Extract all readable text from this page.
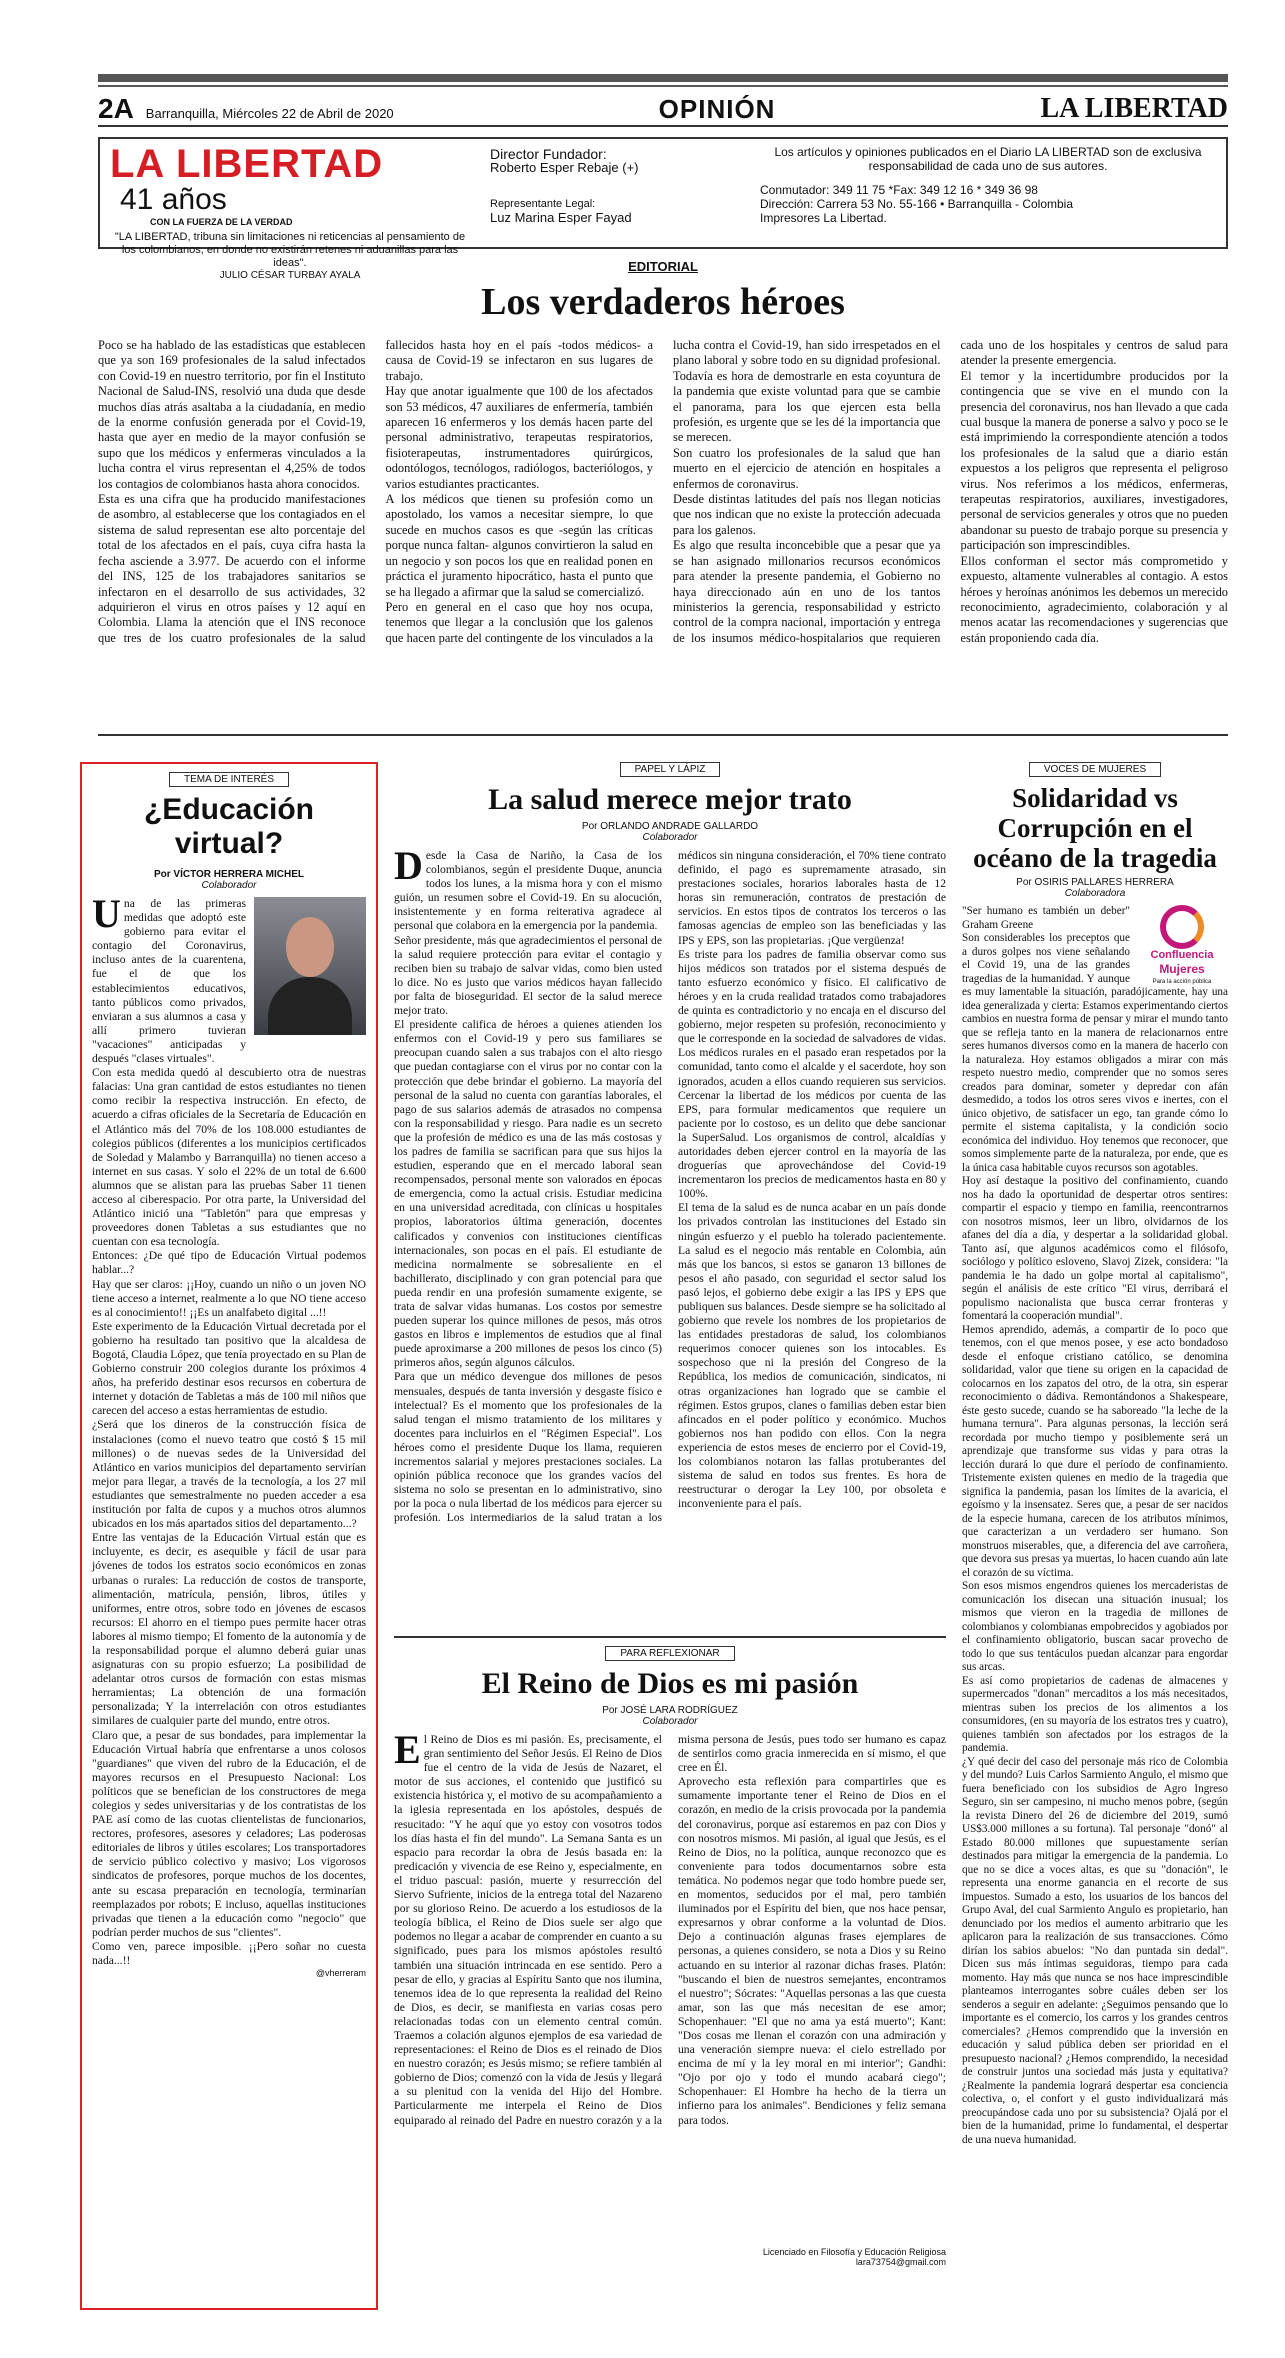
2A Barranquilla, Miércoles 22 de Abril de 2020	OPINIÓN	LA LIBERTAD
LA LIBERTAD 41 años
CON LA FUERZA DE LA VERDAD
"LA LIBERTAD, tribuna sin limitaciones ni reticencias al pensamiento de los colombianos, en donde no existirán retenes ni aduanillas para las ideas".
JULIO CÉSAR TURBAY AYALA
Director Fundador:
Roberto Esper Rebaje (+)
Representante Legal:
Luz Marina Esper Fayad
Los artículos y opiniones publicados en el Diario LA LIBERTAD son de exclusiva responsabilidad de cada uno de sus autores.
Conmutador: 349 11 75 *Fax: 349 12 16 * 349 36 98
Dirección: Carrera 53 No. 55-166 • Barranquilla - Colombia
Impresores La Libertad.
EDITORIAL
Los verdaderos héroes

Poco se ha hablado de las estadísticas que establecen que ya son 169 profesionales de la salud infectados con Covid-19 en nuestro territorio, por fin el Instituto Nacional de Salud-INS, resolvió una duda que desde muchos días atrás asaltaba a la ciudadanía, en medio de la enorme confusión generada por el Covid-19, hasta que ayer en medio de la mayor confusión se supo que los médicos y enfermeras vinculados a la lucha contra el virus representan el 4,25% de todos los contagios de colombianos hasta ahora conocidos.

Esta es una cifra que ha producido manifestaciones de asombro, al establecerse que los contagiados en el sistema de salud representan ese alto porcentaje del total de los afectados en el país, cuya cifra hasta la fecha asciende a 3.977. De acuerdo con el informe del INS, 125 de los trabajadores sanitarios se infectaron en el desarrollo de sus actividades, 32 adquirieron el virus en otros países y 12 aquí en Colombia. Llama la atención que el INS reconoce que tres de los cuatro profesionales de la salud fallecidos hasta hoy en el país -todos médicos- a causa de Covid-19 se infectaron en sus lugares de trabajo.

Hay que anotar igualmente que 100 de los afectados son 53 médicos, 47 auxiliares de enfermería, también aparecen 16 enfermeros y los demás hacen parte del personal administrativo, terapeutas respiratorios, fisioterapeutas, instrumentadores quirúrgicos, odontólogos, tecnólogos, radiólogos, bacteriólogos, y varios estudiantes practicantes.

A los médicos que tienen su profesión como un apostolado, los vamos a necesitar siempre, lo que sucede en muchos casos es que -según las críticas porque nunca faltan- algunos convirtieron la salud en un negocio y son pocos los que en realidad ponen en práctica el juramento hipocrático, hasta el punto que se ha llegado a afirmar que la salud se comercializó.

Pero en general en el caso que hoy nos ocupa, tenemos que llegar a la conclusión que los galenos que hacen parte del contingente de los vinculados a la lucha contra el Covid-19, han sido irrespetados en el plano laboral y sobre todo en su dignidad profesional. Todavía es hora de demostrarle en esta coyuntura de la pandemia que existe voluntad para que se cambie el panorama, para los que ejercen esta bella profesión, es urgente que se les dé la importancia que se merecen.

Son cuatro los profesionales de la salud que han muerto en el ejercicio de atención en hospitales a enfermos de coronavirus.

Desde distintas latitudes del país nos llegan noticias que nos indican que no existe la protección adecuada para los galenos.

Es algo que resulta inconcebible que a pesar que ya se han asignado millonarios recursos económicos para atender la presente pandemia, el Gobierno no haya direccionado aún en uno de los tantos ministerios la gerencia, responsabilidad y estricto control de la compra nacional, importación y entrega de los insumos médico-hospitalarios que requieren cada uno de los hospitales y centros de salud para atender la presente emergencia.

El temor y la incertidumbre producidos por la contingencia que se vive en el mundo con la presencia del coronavirus, nos han llevado a que cada cual busque la manera de ponerse a salvo y poco se le está imprimiendo la correspondiente atención a todos los profesionales de la salud que a diario están expuestos a los peligros que representa el peligroso virus. Nos referimos a los médicos, enfermeras, terapeutas respiratorios, auxiliares, investigadores, personal de servicios generales y otros que no pueden abandonar su puesto de trabajo porque su presencia y participación son imprescindibles.

Ellos conforman el sector más comprometido y expuesto, altamente vulnerables al contagio. A estos héroes y heroínas anónimos les debemos un merecido reconocimiento, agradecimiento, colaboración y al menos acatar las recomendaciones y sugerencias que están proponiendo cada día.

TEMA DE INTERÉS
¿Educación virtual?
Por VÍCTOR HERRERA MICHEL
Colaborador

Una de las primeras medidas que adoptó este gobierno para evitar el contagio del Coronavirus, incluso antes de la cuarentena, fue el de que los establecimientos educativos, tanto públicos como privados, enviaran a sus alumnos a casa y allí primero tuvieran "vacaciones" anticipadas y después "clases virtuales".

Con esta medida quedó al descubierto otra de nuestras falacias: Una gran cantidad de estos estudiantes no tienen como recibir la respectiva instrucción. En efecto, de acuerdo a cifras oficiales de la Secretaría de Educación en el Atlántico más del 70% de los 108.000 estudiantes de colegios públicos (diferentes a los municipios certificados de Soledad y Malambo y Barranquilla) no tienen acceso a internet en sus casas. Y solo el 22% de un total de 6.600 alumnos que se alistan para las pruebas Saber 11 tienen acceso al ciberespacio. Por otra parte, la Universidad del Atlántico inició una "Tabletón" para que empresas y proveedores donen Tabletas a sus estudiantes que no cuentan con esa tecnología.

Entonces: ¿De qué tipo de Educación Virtual podemos hablar...?

Hay que ser claros: ¡¡Hoy, cuando un niño o un joven NO tiene acceso a internet, realmente a lo que NO tiene acceso es al conocimiento!! ¡¡Es un analfabeto digital ...!!

Este experimento de la Educación Virtual decretada por el gobierno ha resultado tan positivo que la alcaldesa de Bogotá, Claudia López, que tenía proyectado en su Plan de Gobierno construir 200 colegios durante los próximos 4 años, ha preferido destinar esos recursos en cobertura de internet y dotación de Tabletas a más de 100 mil niños que carecen del acceso a estas herramientas de estudio.

¿Será que los dineros de la construcción física de instalaciones (como el nuevo teatro que costó $ 15 mil millones) o de nuevas sedes de la Universidad del Atlántico en varios municipios del departamento servirían mejor para llegar, a través de la tecnología, a los 27 mil estudiantes que semestralmente no pueden acceder a esa institución por falta de cupos y a muchos otros alumnos ubicados en los más apartados sitios del departamento...?

Entre las ventajas de la Educación Virtual están que es incluyente, es decir, es asequible y fácil de usar para jóvenes de todos los estratos socio económicos en zonas urbanas o rurales: La reducción de costos de transporte, alimentación, matrícula, pensión, libros, útiles y uniformes, entre otros, sobre todo en jóvenes de escasos recursos: El ahorro en el tiempo pues permite hacer otras labores al mismo tiempo; El fomento de la autonomía y de la responsabilidad porque el alumno deberá guiar unas asignaturas con su propio esfuerzo; La posibilidad de adelantar otros cursos de formación con estas mismas herramientas; La obtención de una formación personalizada; Y la interrelación con otros estudiantes similares de cualquier parte del mundo, entre otros.

Claro que, a pesar de sus bondades, para implementar la Educación Virtual habría que enfrentarse a unos colosos "guardianes" que viven del rubro de la Educación, el de mayores recursos en el Presupuesto Nacional: Los políticos que se benefician de los constructores de mega colegios y sedes universitarias y de los contratistas de los PAE así como de las cuotas clientelistas de funcionarios, rectores, profesores, asesores y celadores; Las poderosas editoriales de libros y útiles escolares; Los transportadores de servicio público colectivo y masivo; Los vigorosos sindicatos de profesores, porque muchos de los docentes, ante su escasa preparación en tecnología, terminarían reemplazados por robots; E incluso, aquellas instituciones privadas que tienen a la educación como "negocio" que podrían perder muchos de sus "clientes".

Como ven, parece imposible. ¡¡Pero soñar no cuesta nada...!!

@vherreram
PAPEL Y LÁPIZ
La salud merece mejor trato
Por ORLANDO ANDRADE GALLARDO
Colaborador

Desde la Casa de Nariño, la Casa de los colombianos, según el presidente Duque, anuncia todos los lunes, a la misma hora y con el mismo guión, un resumen sobre el Covid-19. En su alocución, insistentemente y en forma reiterativa agradece al personal que colabora en la emergencia por la pandemia.

Señor presidente, más que agradecimientos el personal de la salud requiere protección para evitar el contagio y reciben bien su trabajo de salvar vidas, como bien usted lo dice. No es justo que varios médicos hayan fallecido por falta de bioseguridad. El sector de la salud merece mejor trato.

El presidente califica de héroes a quienes atienden los enfermos con el Covid-19 y pero sus familiares se preocupan cuando salen a sus trabajos con el alto riesgo que puedan contagiarse con el virus por no contar con la protección que debe brindar el gobierno. La mayoría del personal de la salud no cuenta con garantías laborales, el pago de sus salarios además de atrasados no compensa con la responsabilidad y riesgo. Para nadie es un secreto que la profesión de médico es una de las más costosas y los padres de familia se sacrifican para que sus hijos la estudien, esperando que en el mercado laboral sean recompensados, personal mente son valorados en épocas de emergencia, como la actual crisis. Estudiar medicina en una universidad acreditada, con clínicas u hospitales propios, laboratorios última generación, docentes calificados y convenios con instituciones científicas internacionales, son pocas en el país. El estudiante de medicina normalmente se sobresaliente en el bachillerato, disciplinado y con gran potencial para que pueda rendir en una profesión sumamente exigente, se trata de salvar vidas humanas. Los costos por semestre pueden superar los quince millones de pesos, más otros gastos en libros e implementos de estudios que al final puede aproximarse a 200 millones de pesos los cinco (5) primeros años, según algunos cálculos.

Para que un médico devengue dos millones de pesos mensuales, después de tanta inversión y desgaste físico e intelectual? Es el momento que los profesionales de la salud tengan el mismo tratamiento de los militares y docentes para incluirlos en el "Régimen Especial". Los héroes como el presidente Duque los llama, requieren incrementos salarial y mejores prestaciones sociales. La opinión pública reconoce que los grandes vacíos del sistema no solo se presentan en lo administrativo, sino por la poca o nula libertad de los médicos para ejercer su profesión. Los intermediarios de la salud tratan a los médicos sin ninguna consideración, el 70% tiene contrato definido, el pago es supremamente atrasado, sin prestaciones sociales, horarios laborales hasta de 12 horas sin remuneración, contratos de prestación de servicios. En estos tipos de contratos los terceros o las famosas agencias de empleo son las beneficiadas y las IPS y EPS, son las propietarias. ¡Que vergüenza!

Es triste para los padres de familia observar como sus hijos médicos son tratados por el sistema después de tanto esfuerzo económico y físico. El calificativo de héroes y en la cruda realidad tratados como trabajadores de quinta es contradictorio y no encaja en el discurso del gobierno, mejor respeten su profesión, reconocimiento y que le corresponde en la sociedad de salvadores de vidas. Los médicos rurales en el pasado eran respetados por la comunidad, tanto como el alcalde y el sacerdote, hoy son ignorados, acuden a ellos cuando requieren sus servicios. Cercenar la libertad de los médicos por cuenta de las EPS, para formular medicamentos que requiere un paciente por lo costoso, es un delito que debe sancionar la SuperSalud. Los organismos de control, alcaldías y autoridades deben ejercer control en la mayoría de las droguerías que aprovechándose del Covid-19 incrementaron los precios de medicamentos hasta en 80 y 100%.

El tema de la salud es de nunca acabar en un país donde los privados controlan las instituciones del Estado sin ningún esfuerzo y el pueblo ha tolerado pacientemente. La salud es el negocio más rentable en Colombia, aún más que los bancos, si estos se ganaron 13 billones de pesos el año pasado, con seguridad el sector salud los pasó lejos, el gobierno debe exigir a las IPS y EPS que publiquen sus balances. Desde siempre se ha solicitado al gobierno que revele los nombres de los propietarios de las entidades prestadoras de salud, los colombianos requerimos conocer quienes son los intocables. Es sospechoso que ni la presión del Congreso de la República, los medios de comunicación, sindicatos, ni otras organizaciones han logrado que se cambie el régimen. Estos grupos, clanes o familias deben estar bien afincados en el poder político y económico. Muchos gobiernos nos han podido con ellos. Con la negra experiencia de estos meses de encierro por el Covid-19, los colombianos notaron las fallas protuberantes del sistema de salud en todos sus frentes. Es hora de reestructurar o derogar la Ley 100, por obsoleta e inconveniente para el país.

PARA REFLEXIONAR
El Reino de Dios es mi pasión
Por JOSÉ LARA RODRÍGUEZ
Colaborador

El Reino de Dios es mi pasión. Es, precisamente, el gran sentimiento del Señor Jesús. El Reino de Dios fue el centro de la vida de Jesús de Nazaret, el motor de sus acciones, el contenido que justificó su existencia histórica y, el motivo de su acompañamiento a la iglesia representada en los apóstoles, después de resucitado: "Y he aquí que yo estoy con vosotros todos los días hasta el fin del mundo". La Semana Santa es un espacio para recordar la obra de Jesús basada en: la predicación y vivencia de ese Reino y, especialmente, en el triduo pascual: pasión, muerte y resurrección del Siervo Sufriente, inicios de la entrega total del Nazareno por su glorioso Reino. De acuerdo a los estudiosos de la teología bíblica, el Reino de Dios suele ser algo que podemos no llegar a acabar de comprender en cuanto a su significado, pues para los mismos apóstoles resultó también una situación intrincada en ese sentido. Pero a pesar de ello, y gracias al Espíritu Santo que nos ilumina, tenemos idea de lo que representa la realidad del Reino de Dios, es decir, se manifiesta en varias cosas pero relacionadas todas con un elemento central común. Traemos a colación algunos ejemplos de esa variedad de representaciones: el Reino de Dios es el reinado de Dios en nuestro corazón; es Jesús mismo; se refiere también al gobierno de Dios; comenzó con la vida de Jesús y llegará a su plenitud con la venida del Hijo del Hombre. Particularmente me interpela el Reino de Dios equiparado al reinado del Padre en nuestro corazón y a la misma persona de Jesús, pues todo ser humano es capaz de sentirlos como gracia inmerecida en sí mismo, el que cree en Él.

Aprovecho esta reflexión para compartirles que es sumamente importante tener el Reino de Dios en el corazón, en medio de la crisis provocada por la pandemia del coronavirus, porque así estaremos en paz con Dios y con nosotros mismos. Mi pasión, al igual que Jesús, es el Reino de Dios, no la política, aunque reconozco que es conveniente para todos documentarnos sobre esta temática. No podemos negar que todo hombre puede ser, en momentos, seducidos por el mal, pero también iluminados por el Espíritu del bien, que nos hace pensar, expresarnos y obrar conforme a la voluntad de Dios. Dejo a continuación algunas frases ejemplares de personas, a quienes considero, se nota a Dios y su Reino actuando en su interior al razonar dichas frases. Platón: "buscando el bien de nuestros semejantes, encontramos el nuestro"; Sócrates: "Aquellas personas a las que cuesta amar, son las que más necesitan de ese amor; Schopenhauer: "El que no ama ya está muerto"; Kant: "Dos cosas me llenan el corazón con una admiración y una veneración siempre nueva: el cielo estrellado por encima de mí y la ley moral en mi interior"; Gandhi: "Ojo por ojo y todo el mundo acabará ciego"; Schopenhauer: El Hombre ha hecho de la tierra un infierno para los animales". Bendiciones y feliz semana para todos.

Licenciado en Filosofía y Educación Religiosa
lara73754@gmail.com
VOCES DE MUJERES
Solidaridad vs Corrupción en el océano de la tragedia
Por OSIRIS PALLARES HERRERA
Colaboradora
Confluencia
Mujeres
Para la acción pública

"Ser humano es también un deber" Graham Greene

Son considerables los preceptos que a duros golpes nos viene señalando el Covid 19, una de las grandes tragedias de la humanidad. Y aunque es muy lamentable la situación, paradójicamente, hay una idea generalizada y cierta: Estamos experimentando ciertos cambios en nuestra forma de pensar y mirar el mundo tanto que se refleja tanto en la manera de relacionarnos entre seres humanos diversos como en la manera de hacerlo con la naturaleza. Hoy estamos obligados a mirar con más respeto nuestro medio, comprender que no somos seres creados para dominar, someter y depredar con afán desmedido, a todos los otros seres vivos e inertes, con el único objetivo, de satisfacer un ego, tan grande cómo lo permite el sistema capitalista, y la condición socio económica del individuo. Hoy tenemos que reconocer, que somos simplemente parte de la naturaleza, por ende, que es la única casa habitable cuyos recursos son agotables.

Hoy así destaque la positivo del confinamiento, cuando nos ha dado la oportunidad de despertar otros sentires: compartir el espacio y tiempo en familia, reencontrarnos con nosotros mismos, leer un libro, olvidarnos de los afanes del día a día, y despertar a la solidaridad global. Tanto así, que algunos académicos como el filósofo, sociólogo y político esloveno, Slavoj Zizek, considera: "la pandemia le ha dado un golpe mortal al capitalismo", según el análisis de este crítico "El virus, derribará el populismo nacionalista que busca cerrar fronteras y fomentará la cooperación mundial".

Hemos aprendido, además, a compartir de lo poco que tenemos, con el que menos posee, y ese acto bondadoso desde el enfoque cristiano católico, se denomina solidaridad, valor que tiene su origen en la capacidad de colocarnos en los zapatos del otro, de la otra, sin esperar reconocimiento o dádiva. Remontándonos a Shakespeare, éste gesto sucede, cuando se ha saboreado "la leche de la humana ternura". Para algunas personas, la lección será recordada por mucho tiempo y posiblemente será un aprendizaje que transforme sus vidas y para otras la lección durará lo que dure el período de confinamiento. Tristemente existen quienes en medio de la tragedia que significa la pandemia, pasan los límites de la avaricia, el egoísmo y la insensatez. Seres que, a pesar de ser nacidos de la especie humana, carecen de los atributos mínimos, que caracterizan a un verdadero ser humano. Son monstruos miserables, que, a diferencia del ave carroñera, que devora sus presas ya muertas, lo hacen cuando aún late el corazón de su víctima.

Son esos mismos engendros quienes los mercaderistas de comunicación los disecan una situación inusual; los mismos que vieron en la tragedia de millones de colombianos y colombianas empobrecidos y agobiados por el confinamiento obligatorio, buscan sacar provecho de todo lo que sus tentáculos puedan alcanzar para engordar sus arcas.

Es así como propietarios de cadenas de almacenes y supermercados "donan" mercaditos a los más necesitados, mientras suben los precios de los alimentos a los consumidores, (en su mayoría de los estratos tres y cuatro), quienes también son afectados por los estragos de la pandemia.

¿Y qué decir del caso del personaje más rico de Colombia y del mundo? Luis Carlos Sarmiento Angulo, el mismo que fuera beneficiado con los subsidios de Agro Ingreso Seguro, sin ser campesino, ni mucho menos pobre, (según la revista Dinero del 26 de diciembre del 2019, sumó US$3.000 millones a su fortuna). Tal personaje "donó" al Estado 80.000 millones que supuestamente serían destinados para mitigar la emergencia de la pandemia. Lo que no se dice a voces altas, es que su "donación", le representa una enorme ganancia en el recorte de sus impuestos. Sumado a esto, los usuarios de los bancos del Grupo Aval, del cual Sarmiento Angulo es propietario, han denunciado por los medios el aumento arbitrario que les aplicaron para la realización de sus transacciones. Cómo dirían los sabios abuelos: "No dan puntada sin dedal". Dicen sus más íntimas seguidoras, tiempo para cada momento. Hay más que nunca se nos hace imprescindible planteamos interrogantes sobre cuáles deben ser los senderos a seguir en adelante: ¿Seguimos pensando que lo importante es el comercio, los carros y los grandes centros comerciales? ¿Hemos comprendido que la inversión en educación y salud pública deben ser prioridad en el presupuesto nacional? ¿Hemos comprendido, la necesidad de construir juntos una sociedad más justa y equitativa? ¿Realmente la pandemia logrará despertar esa conciencia colectiva, o, el confort y el gusto individualizará más preocupándose cada uno por su subsistencia? Ojalá por el bien de la humanidad, prime lo fundamental, el despertar de una nueva humanidad.
